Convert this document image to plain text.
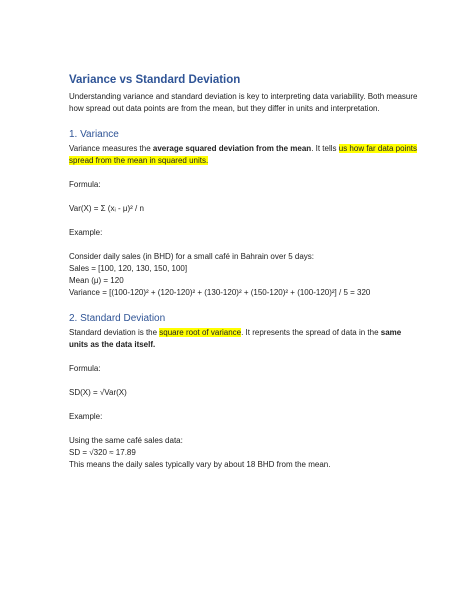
Variance vs Standard Deviation

Understanding variance and standard deviation is key to interpreting data variability. Both measure how spread out data points are from the mean, but they differ in units and interpretation.

1. Variance

Variance measures the average squared deviation from the mean. It tells us how far data points spread from the mean in squared units.

Formula:

Var(X) = Σ (xᵢ - μ)² / n

Example:

Consider daily sales (in BHD) for a small café in Bahrain over 5 days:

Sales = [100, 120, 130, 150, 100]

Mean (μ) = 120

Variance = [(100-120)² + (120-120)² + (130-120)² + (150-120)² + (100-120)²] / 5 = 320

2. Standard Deviation

Standard deviation is the square root of variance. It represents the spread of data in the same units as the data itself.

Formula:

SD(X) = √Var(X)

Example:

Using the same café sales data:

SD = √320 ≈ 17.89

This means the daily sales typically vary by about 18 BHD from the mean.
